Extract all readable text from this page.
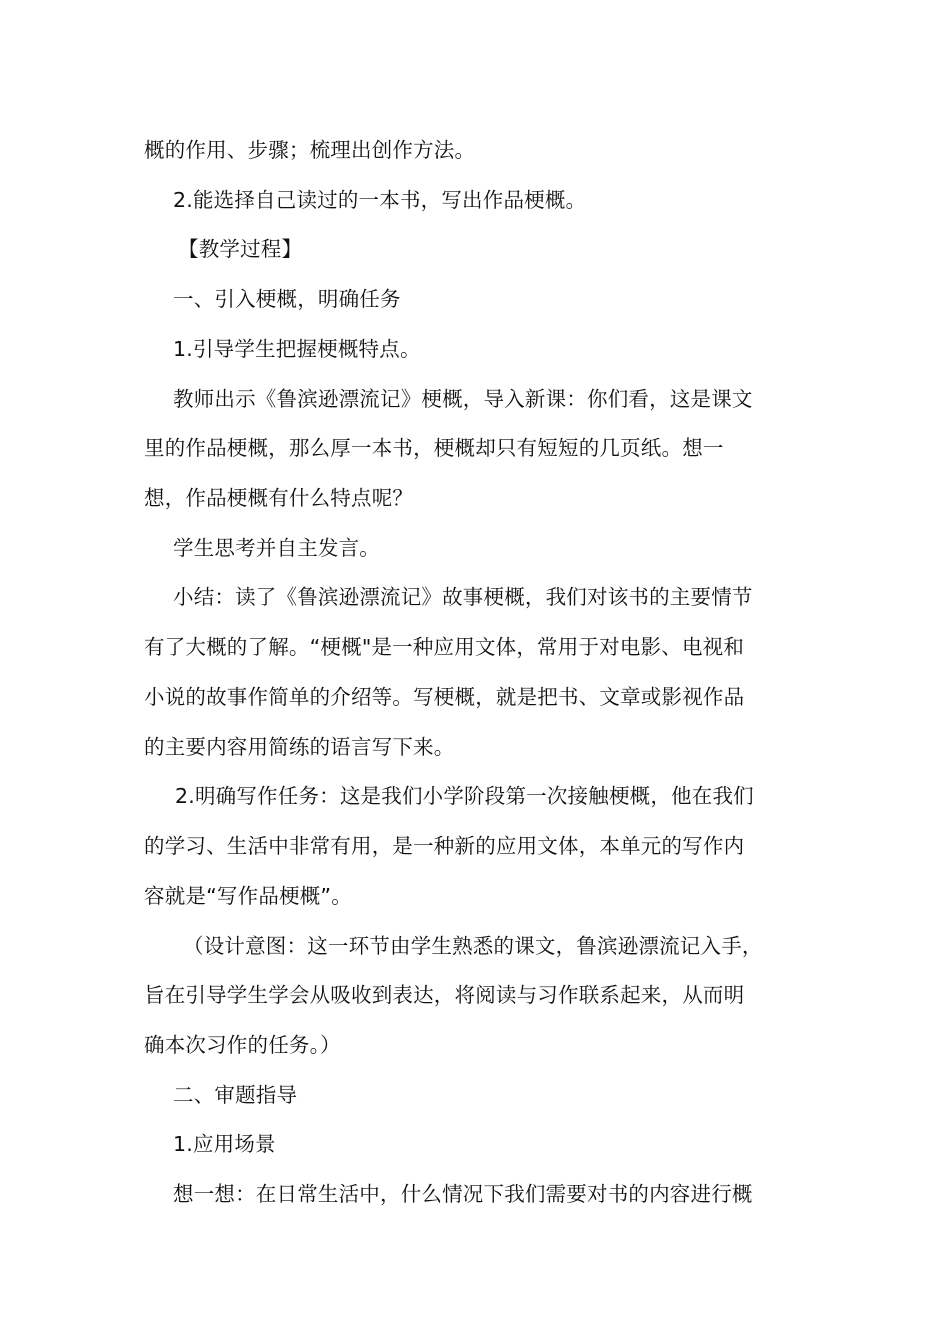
概的作用、步骤；梳理出创作方法。
2.能选择自己读过的一本书，写出作品梗概。
【教学过程】
一、引入梗概，明确任务
1.引导学生把握梗概特点。
教师出示《鲁滨逊漂流记》梗概，导入新课：你们看，这是课文
里的作品梗概，那么厚一本书，梗概却只有短短的几页纸。想一
想，作品梗概有什么特点呢？
学生思考并自主发言。
小结：读了《鲁滨逊漂流记》故事梗概，我们对该书的主要情节
有了大概的了解。“梗概"是一种应用文体，常用于对电影、电视和
小说的故事作简单的介绍等。写梗概，就是把书、文章或影视作品
的主要内容用简练的语言写下来。
2.明确写作任务：这是我们小学阶段第一次接触梗概，他在我们
的学习、生活中非常有用，是一种新的应用文体，本单元的写作内
容就是“写作品梗概”。
（设计意图：这一环节由学生熟悉的课文，鲁滨逊漂流记入手，
旨在引导学生学会从吸收到表达，将阅读与习作联系起来，从而明
确本次习作的任务。）
二、审题指导
1.应用场景
想一想：在日常生活中，什么情况下我们需要对书的内容进行概
